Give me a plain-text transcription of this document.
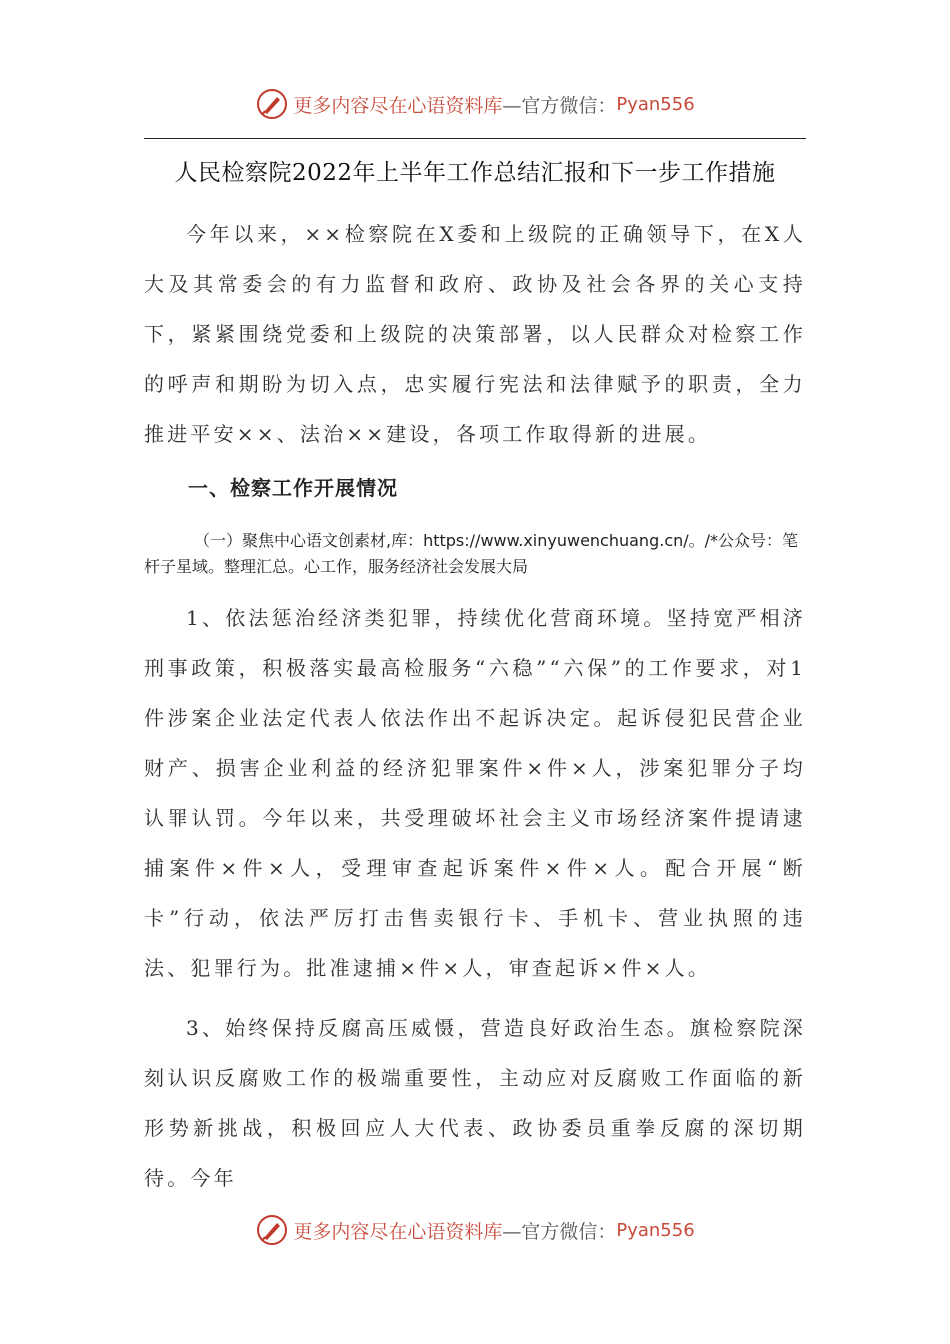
更多内容尽在心语资料库 —官方微信： Pyan556
人民检察院2022年上半年工作总结汇报和下一步工作措施
今年以来，××检察院在X委和上级院的正确领导下，在X人大及其常委会的有力监督和政府、政协及社会各界的关心支持下，紧紧围绕党委和上级院的决策部署，以人民群众对检察工作的呼声和期盼为切入点，忠实履行宪法和法律赋予的职责，全力推进平安××、法治××建设，各项工作取得新的进展。
一、检察工作开展情况
（一）聚焦中心语文创素材,库：https://www.xinyuwenchuang.cn/。/*公众号：笔杆子星域。整理汇总。心工作，服务经济社会发展大局
1、依法惩治经济类犯罪，持续优化营商环境。坚持宽严相济刑事政策，积极落实最高检服务“六稳”“六保”的工作要求，对1件涉案企业法定代表人依法作出不起诉决定。起诉侵犯民营企业财产、损害企业利益的经济犯罪案件×件×人，涉案犯罪分子均认罪认罚。今年以来，共受理破坏社会主义市场经济案件提请逮捕案件×件×人，受理审查起诉案件×件×人。配合开展“断卡”行动，依法严厉打击售卖银行卡、手机卡、营业执照的违法、犯罪行为。批准逮捕×件×人，审查起诉×件×人。
3、始终保持反腐高压威慑，营造良好政治生态。旗检察院深刻认识反腐败工作的极端重要性，主动应对反腐败工作面临的新形势新挑战，积极回应人大代表、政协委员重拳反腐的深切期待。今年
更多内容尽在心语资料库 —官方微信： Pyan556
